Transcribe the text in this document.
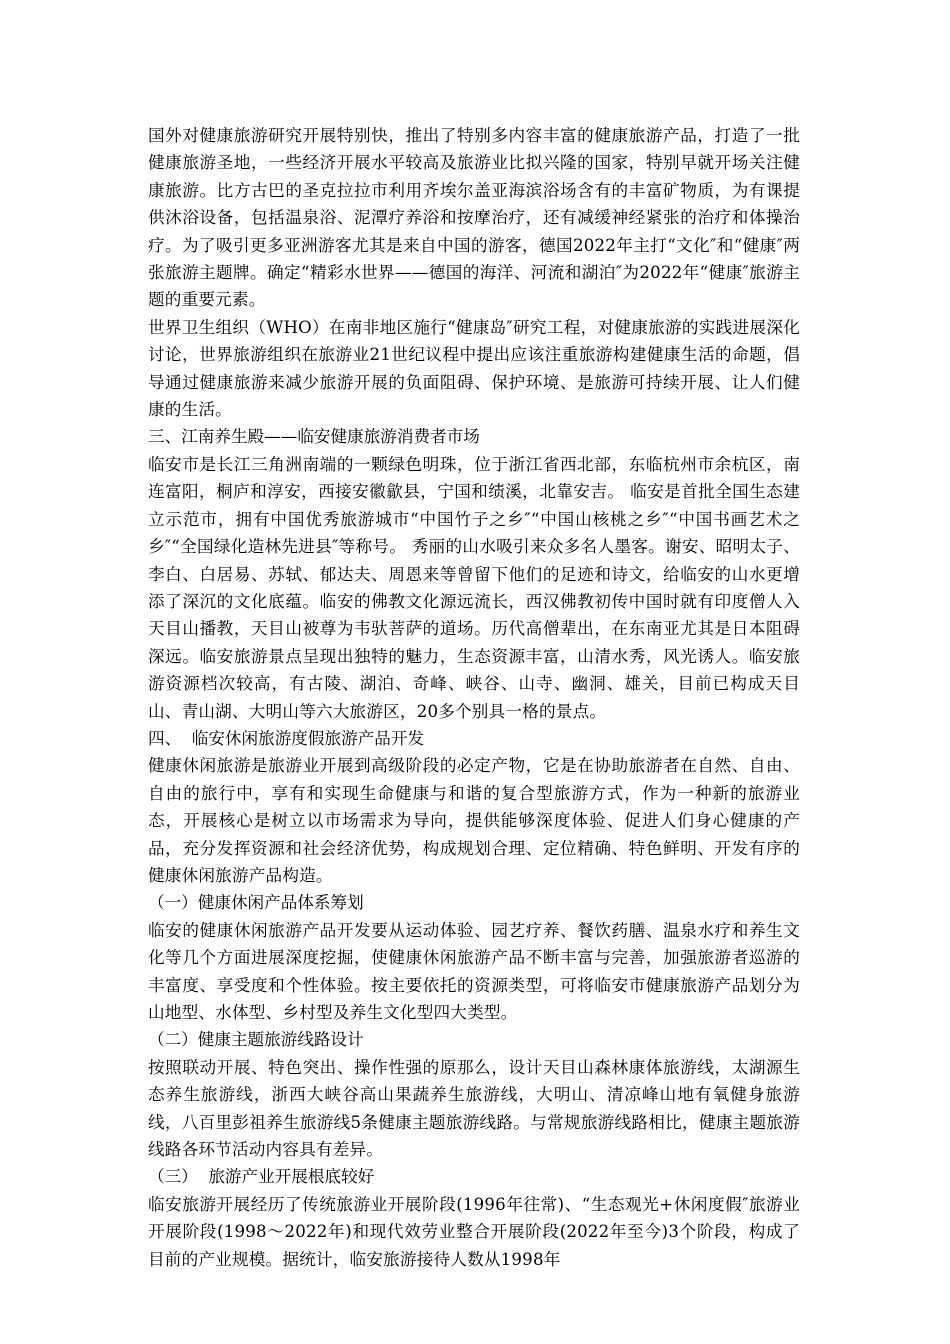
国外对健康旅游研究开展特别快，推出了特别多内容丰富的健康旅游产品，打造了一批健康旅游圣地，一些经济开展水平较高及旅游业比拟兴隆的国家，特别早就开场关注健康旅游。比方古巴的圣克拉拉市利用齐埃尔盖亚海滨浴场含有的丰富矿物质，为有课提供沐浴设备，包括温泉浴、泥潭疗养浴和按摩治疗，还有减缓神经紧张的治疗和体操治疗。为了吸引更多亚洲游客尤其是来自中国的游客，德国2022年主打“文化″和“健康″两张旅游主题牌。确定“精彩水世界——德国的海洋、河流和湖泊″为2022年“健康″旅游主题的重要元素。

世界卫生组织（WHO）在南非地区施行“健康岛″研究工程，对健康旅游的实践进展深化讨论，世界旅游组织在旅游业21世纪议程中提出应该注重旅游构建健康生活的命题，倡导通过健康旅游来减少旅游开展的负面阻碍、保护环境、是旅游可持续开展、让人们健康的生活。

三、江南养生殿——临安健康旅游消费者市场

临安市是长江三角洲南端的一颗绿色明珠，位于浙江省西北部，东临杭州市余杭区，南连富阳，桐庐和淳安，西接安徽歙县，宁国和绩溪，北靠安吉。 临安是首批全国生态建立示范市，拥有中国优秀旅游城市“中国竹子之乡″“中国山核桃之乡″“中国书画艺术之乡″“全国绿化造林先进县″等称号。 秀丽的山水吸引来众多名人墨客。谢安、昭明太子、李白、白居易、苏轼、郁达夫、周恩来等曾留下他们的足迹和诗文，给临安的山水更增添了深沉的文化底蕴。临安的佛教文化源远流长，西汉佛教初传中国时就有印度僧人入天目山播教，天目山被尊为韦驮菩萨的道场。历代高僧辈出，在东南亚尤其是日本阻碍深远。临安旅游景点呈现出独特的魅力，生态资源丰富，山清水秀，风光诱人。临安旅游资源档次较高，有古陵、湖泊、奇峰、峡谷、山寺、幽洞、雄关，目前已构成天目山、青山湖、大明山等六大旅游区，20多个别具一格的景点。

四、  临安休闲旅游度假旅游产品开发

健康休闲旅游是旅游业开展到高级阶段的必定产物，它是在协助旅游者在自然、自由、自由的旅行中，享有和实现生命健康与和谐的复合型旅游方式，作为一种新的旅游业态，开展核心是树立以市场需求为导向，提供能够深度体验、促进人们身心健康的产品，充分发挥资源和社会经济优势，构成规划合理、定位精确、特色鲜明、开发有序的健康休闲旅游产品构造。

（一）健康休闲产品体系筹划

临安的健康休闲旅游产品开发要从运动体验、园艺疗养、餐饮药膳、温泉水疗和养生文化等几个方面进展深度挖掘，使健康休闲旅游产品不断丰富与完善，加强旅游者巡游的丰富度、享受度和个性体验。按主要依托的资源类型，可将临安市健康旅游产品划分为山地型、水体型、乡村型及养生文化型四大类型。

（二）健康主题旅游线路设计

按照联动开展、特色突出、操作性强的原那么，设计天目山森林康体旅游线，太湖源生态养生旅游线，浙西大峡谷高山果蔬养生旅游线，大明山、清凉峰山地有氧健身旅游线，八百里彭祖养生旅游线5条健康主题旅游线路。与常规旅游线路相比，健康主题旅游线路各环节活动内容具有差异。

（三）  旅游产业开展根底较好

临安旅游开展经历了传统旅游业开展阶段(1996年往常)、“生态观光+休闲度假″旅游业开展阶段(1998～2022年)和现代效劳业整合开展阶段(2022年至今)3个阶段，构成了目前的产业规模。据统计，临安旅游接待人数从1998年
